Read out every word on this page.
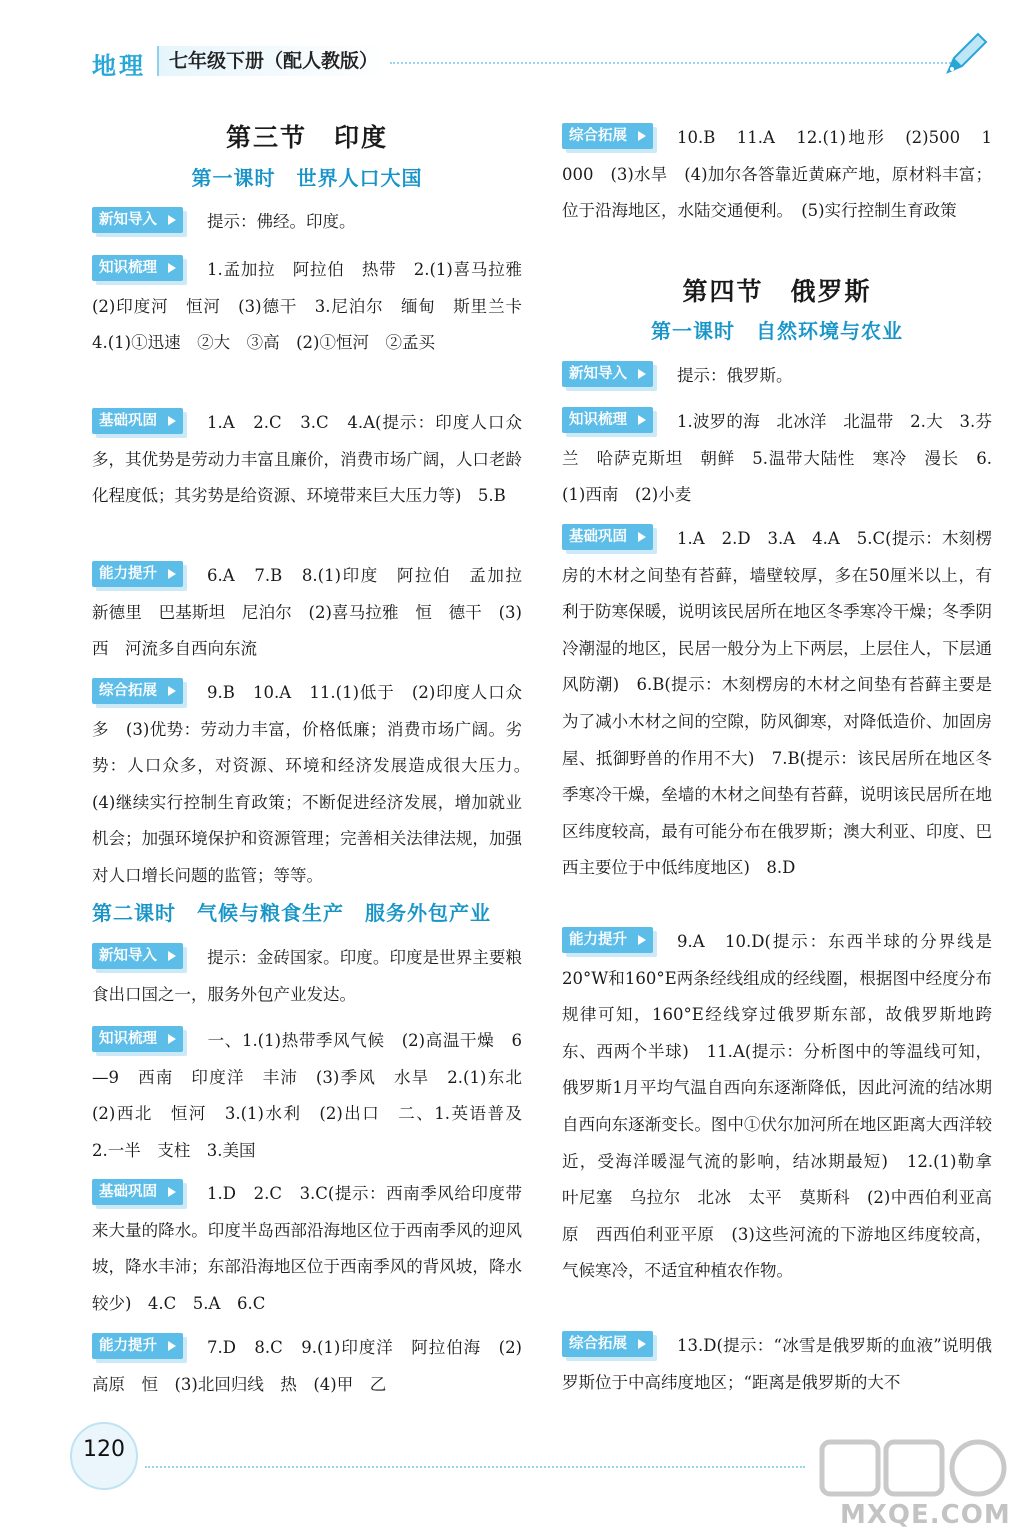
地理	七年级下册（配人教版）
第三节　印度
第一课时　世界人口大国
新知导入	提示：佛经。印度。
知识梳理	1.孟加拉　阿拉伯　热带　2.(1)喜马拉雅　(2)印度河　恒河　(3)德干　3.尼泊尔　缅甸　斯里兰卡　4.(1)①迅速　②大　③高　(2)①恒河　②孟买
基础巩固	1.A　2.C　3.C　4.A(提示：印度人口众多，其优势是劳动力丰富且廉价，消费市场广阔，人口老龄化程度低；其劣势是给资源、环境带来巨大压力等)　5.B
能力提升	6.A　7.B　8.(1)印度　阿拉伯　孟加拉　新德里　巴基斯坦　尼泊尔　(2)喜马拉雅　恒　德干　(3)西　河流多自西向东流
综合拓展	9.B　10.A　11.(1)低于　(2)印度人口众多　(3)优势：劳动力丰富，价格低廉；消费市场广阔。劣势：人口众多，对资源、环境和经济发展造成很大压力。　(4)继续实行控制生育政策；不断促进经济发展，增加就业机会；加强环境保护和资源管理；完善相关法律法规，加强对人口增长问题的监管；等等。
第二课时　气候与粮食生产　服务外包产业
新知导入	提示：金砖国家。印度。印度是世界主要粮食出口国之一，服务外包产业发达。
知识梳理	一、1.(1)热带季风气候　(2)高温干燥　6—9　西南　印度洋　丰沛　(3)季风　水旱　2.(1)东北　(2)西北　恒河　3.(1)水利　(2)出口　二、1.英语普及　2.一半　支柱　3.美国
基础巩固	1.D　2.C　3.C(提示：西南季风给印度带来大量的降水。印度半岛西部沿海地区位于西南季风的迎风坡，降水丰沛；东部沿海地区位于西南季风的背风坡，降水较少)　4.C　5.A　6.C
能力提升	7.D　8.C　9.(1)印度洋　阿拉伯海　(2)高原　恒　(3)北回归线　热　(4)甲　乙
综合拓展	10.B　11.A　12.(1)地形　(2)500　1 000　(3)水旱　(4)加尔各答靠近黄麻产地，原材料丰富；位于沿海地区，水陆交通便利。　(5)实行控制生育政策
第四节　俄罗斯
第一课时　自然环境与农业
新知导入	提示：俄罗斯。
知识梳理	1.波罗的海　北冰洋　北温带　2.大　3.芬兰　哈萨克斯坦　朝鲜　5.温带大陆性　寒冷　漫长　6.(1)西南　(2)小麦
基础巩固	1.A　2.D　3.A　4.A　5.C(提示：木刻楞房的木材之间垫有苔藓，墙壁较厚，多在50厘米以上，有利于防寒保暖，说明该民居所在地区冬季寒冷干燥；冬季阴冷潮湿的地区，民居一般分为上下两层，上层住人，下层通风防潮)　6.B(提示：木刻楞房的木材之间垫有苔藓主要是为了减小木材之间的空隙，防风御寒，对降低造价、加固房屋、抵御野兽的作用不大)　7.B(提示：该民居所在地区冬季寒冷干燥，垒墙的木材之间垫有苔藓，说明该民居所在地区纬度较高，最有可能分布在俄罗斯；澳大利亚、印度、巴西主要位于中低纬度地区)　8.D
能力提升	9.A　10.D(提示：东西半球的分界线是20°W和160°E两条经线组成的经线圈，根据图中经度分布规律可知，160°E经线穿过俄罗斯东部，故俄罗斯地跨东、西两个半球)　11.A(提示：分析图中的等温线可知，俄罗斯1月平均气温自西向东逐渐降低，因此河流的结冰期自西向东逐渐变长。图中①伏尔加河所在地区距离大西洋较近，受海洋暖湿气流的影响，结冰期最短)　12.(1)勒拿　叶尼塞　乌拉尔　北冰　太平　莫斯科　(2)中西伯利亚高原　西西伯利亚平原　(3)这些河流的下游地区纬度较高，气候寒冷，不适宜种植农作物。
综合拓展	13.D(提示：“冰雪是俄罗斯的血液”说明俄罗斯位于中高纬度地区；“距离是俄罗斯的大不
120
MXQE.COM
